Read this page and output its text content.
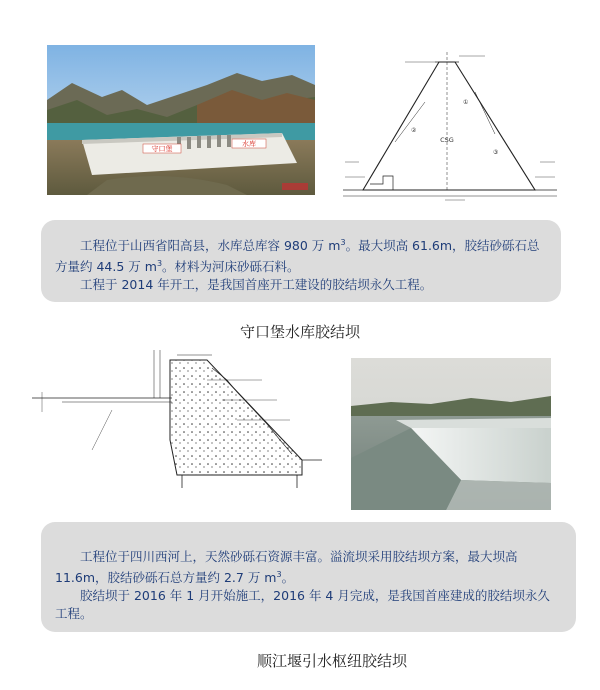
守口堡
水库	CSG
①
②
③

工程位于山西省阳高县，水库总库容 980 万 $m^3$。最大坝高 61.6m，胶结砂砾石总方量约 44.5 万 $m^3$。材料为河床砂砾石料。

工程于 2014 年开工，是我国首座开工建设的胶结坝永久工程。

守口堡水库胶结坝

工程位于四川西河上，天然砂砾石资源丰富。溢流坝采用胶结坝方案，最大坝高 11.6m，胶结砂砾石总方量约 2.7 万 $m^3$。

胶结坝于 2016 年 1 月开始施工，2016 年 4 月完成，是我国首座建成的胶结坝永久工程。

顺江堰引水枢纽胶结坝
